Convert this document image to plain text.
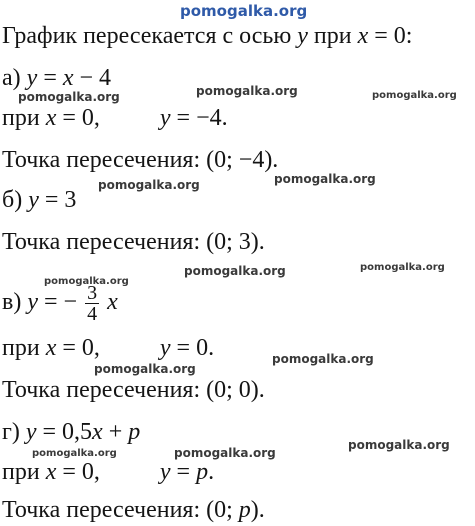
pomogalka.org
График пересекается с осью y при x = 0:
а) y = x − 4
pomogalka.org	pomogalka.org	pomogalka.org
при x = 0,	y = −4.
Точка пересечения: (0; −4).
pomogalka.org	pomogalka.org
б) y = 3
Точка пересечения: (0; 3).
pomogalka.org	pomogalka.org
pomogalka.org
в) y = − $\frac{3}{4}$ x
при x = 0,	y = 0.
pomogalka.org
pomogalka.org
Точка пересечения: (0; 0).
г) y = 0,5x + p
pomogalka.org	pomogalka.org
pomogalka.org
при x = 0,	y = p.
Точка пересечения: (0; p).
